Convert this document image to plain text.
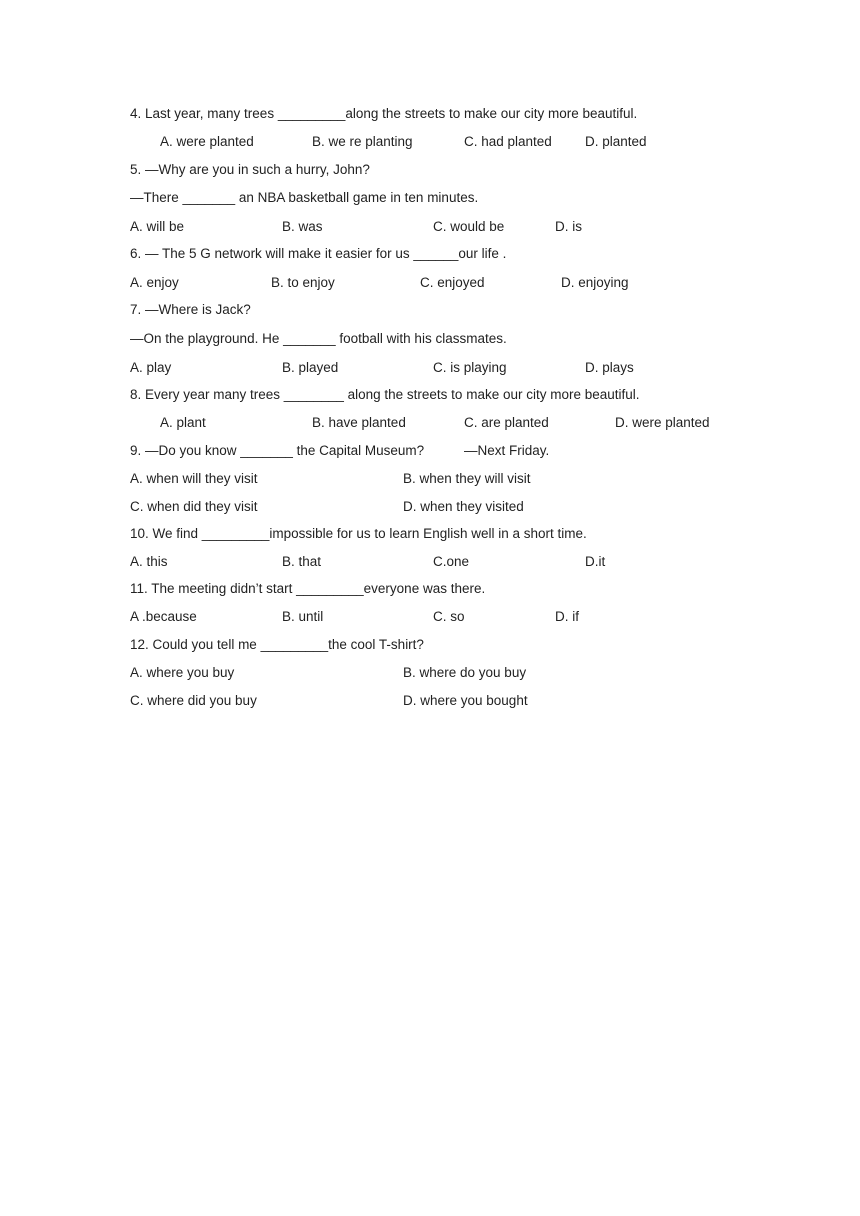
4. Last year, many trees _________along the streets to make our city more beautiful.
A. were planted	B. we re planting	C. had planted D. planted
5. —Why are you in such a hurry, John?
—There _______ an NBA basketball game in ten minutes.
A. will be	B. was	C. would be	D. is
6. — The 5 G network will make it easier for us ______our life .
A. enjoy	B. to enjoy	C. enjoyed	D. enjoying
7. —Where is Jack?
—On the playground. He _______ football with his classmates.
A. play	B. played	C. is playing	D. plays
8. Every year many trees ________ along the streets to make our city more beautiful.
A. plant	B. have planted	C. are planted	D. were planted
9. —Do you know _______ the Capital Museum?	—Next Friday.
A. when will they visit	B. when they will visit
C. when did they visit	D. when they visited
10. We find _________impossible for us to learn English well in a short time.
A. this	B. that	C.one	D.it
11. The meeting didn’t start _________everyone was there.
A .because	B. until	C. so	D. if
12. Could you tell me _________the cool T-shirt?
A. where you buy	B. where do you buy
C. where did you buy	D. where you bought
